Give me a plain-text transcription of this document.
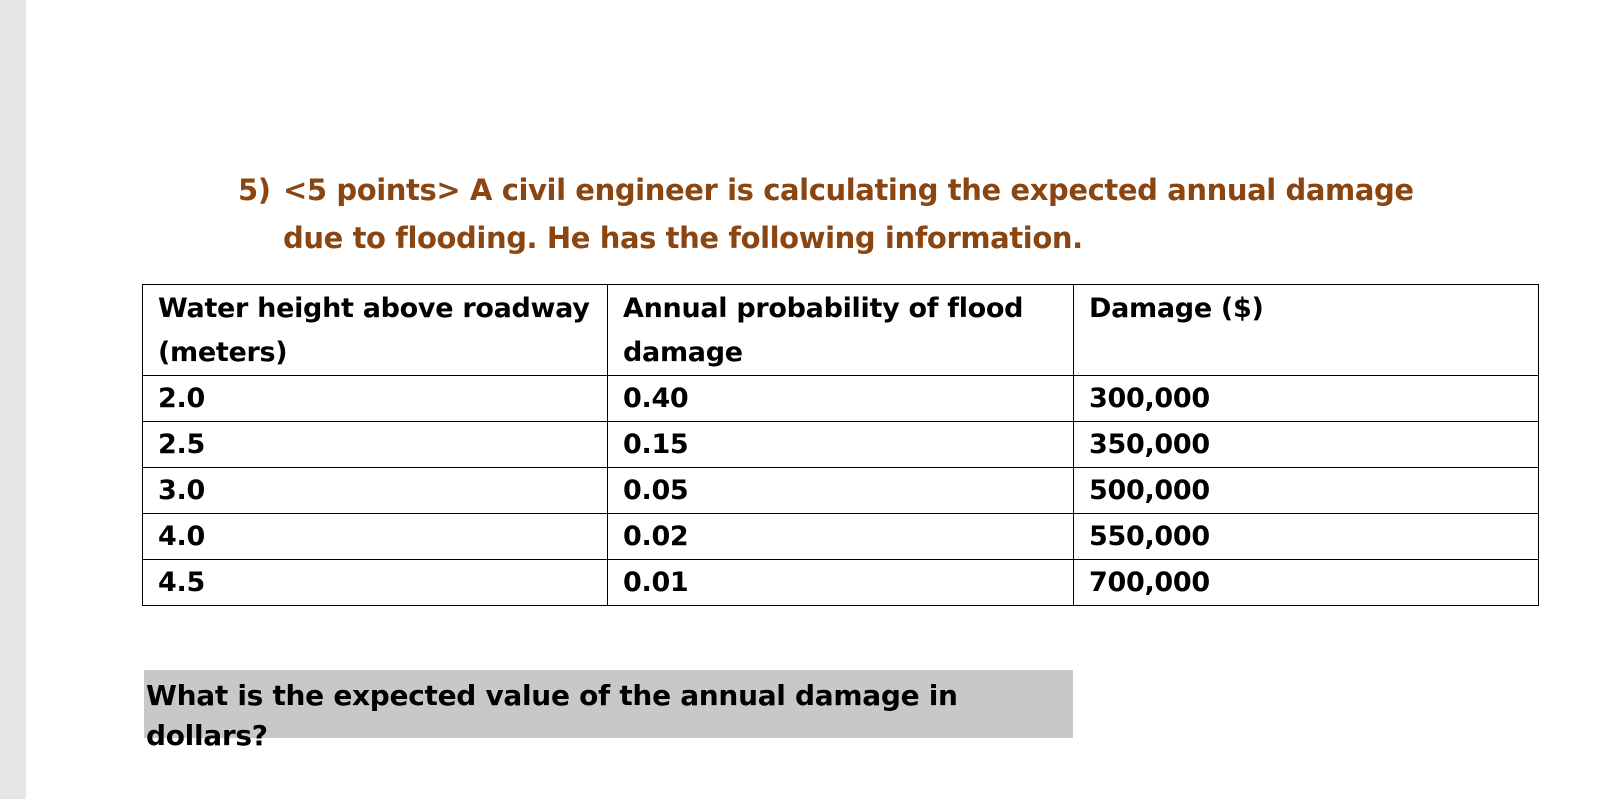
5) <5 points> A civil engineer is calculating the expected annual damage due to flooding. He has the following information.
Water height above roadway (meters)	Annual probability of flood damage	Damage ($)
2.0	0.40	300,000
2.5	0.15	350,000
3.0	0.05	500,000
4.0	0.02	550,000
4.5	0.01	700,000
What is the expected value of the annual damage in dollars?
